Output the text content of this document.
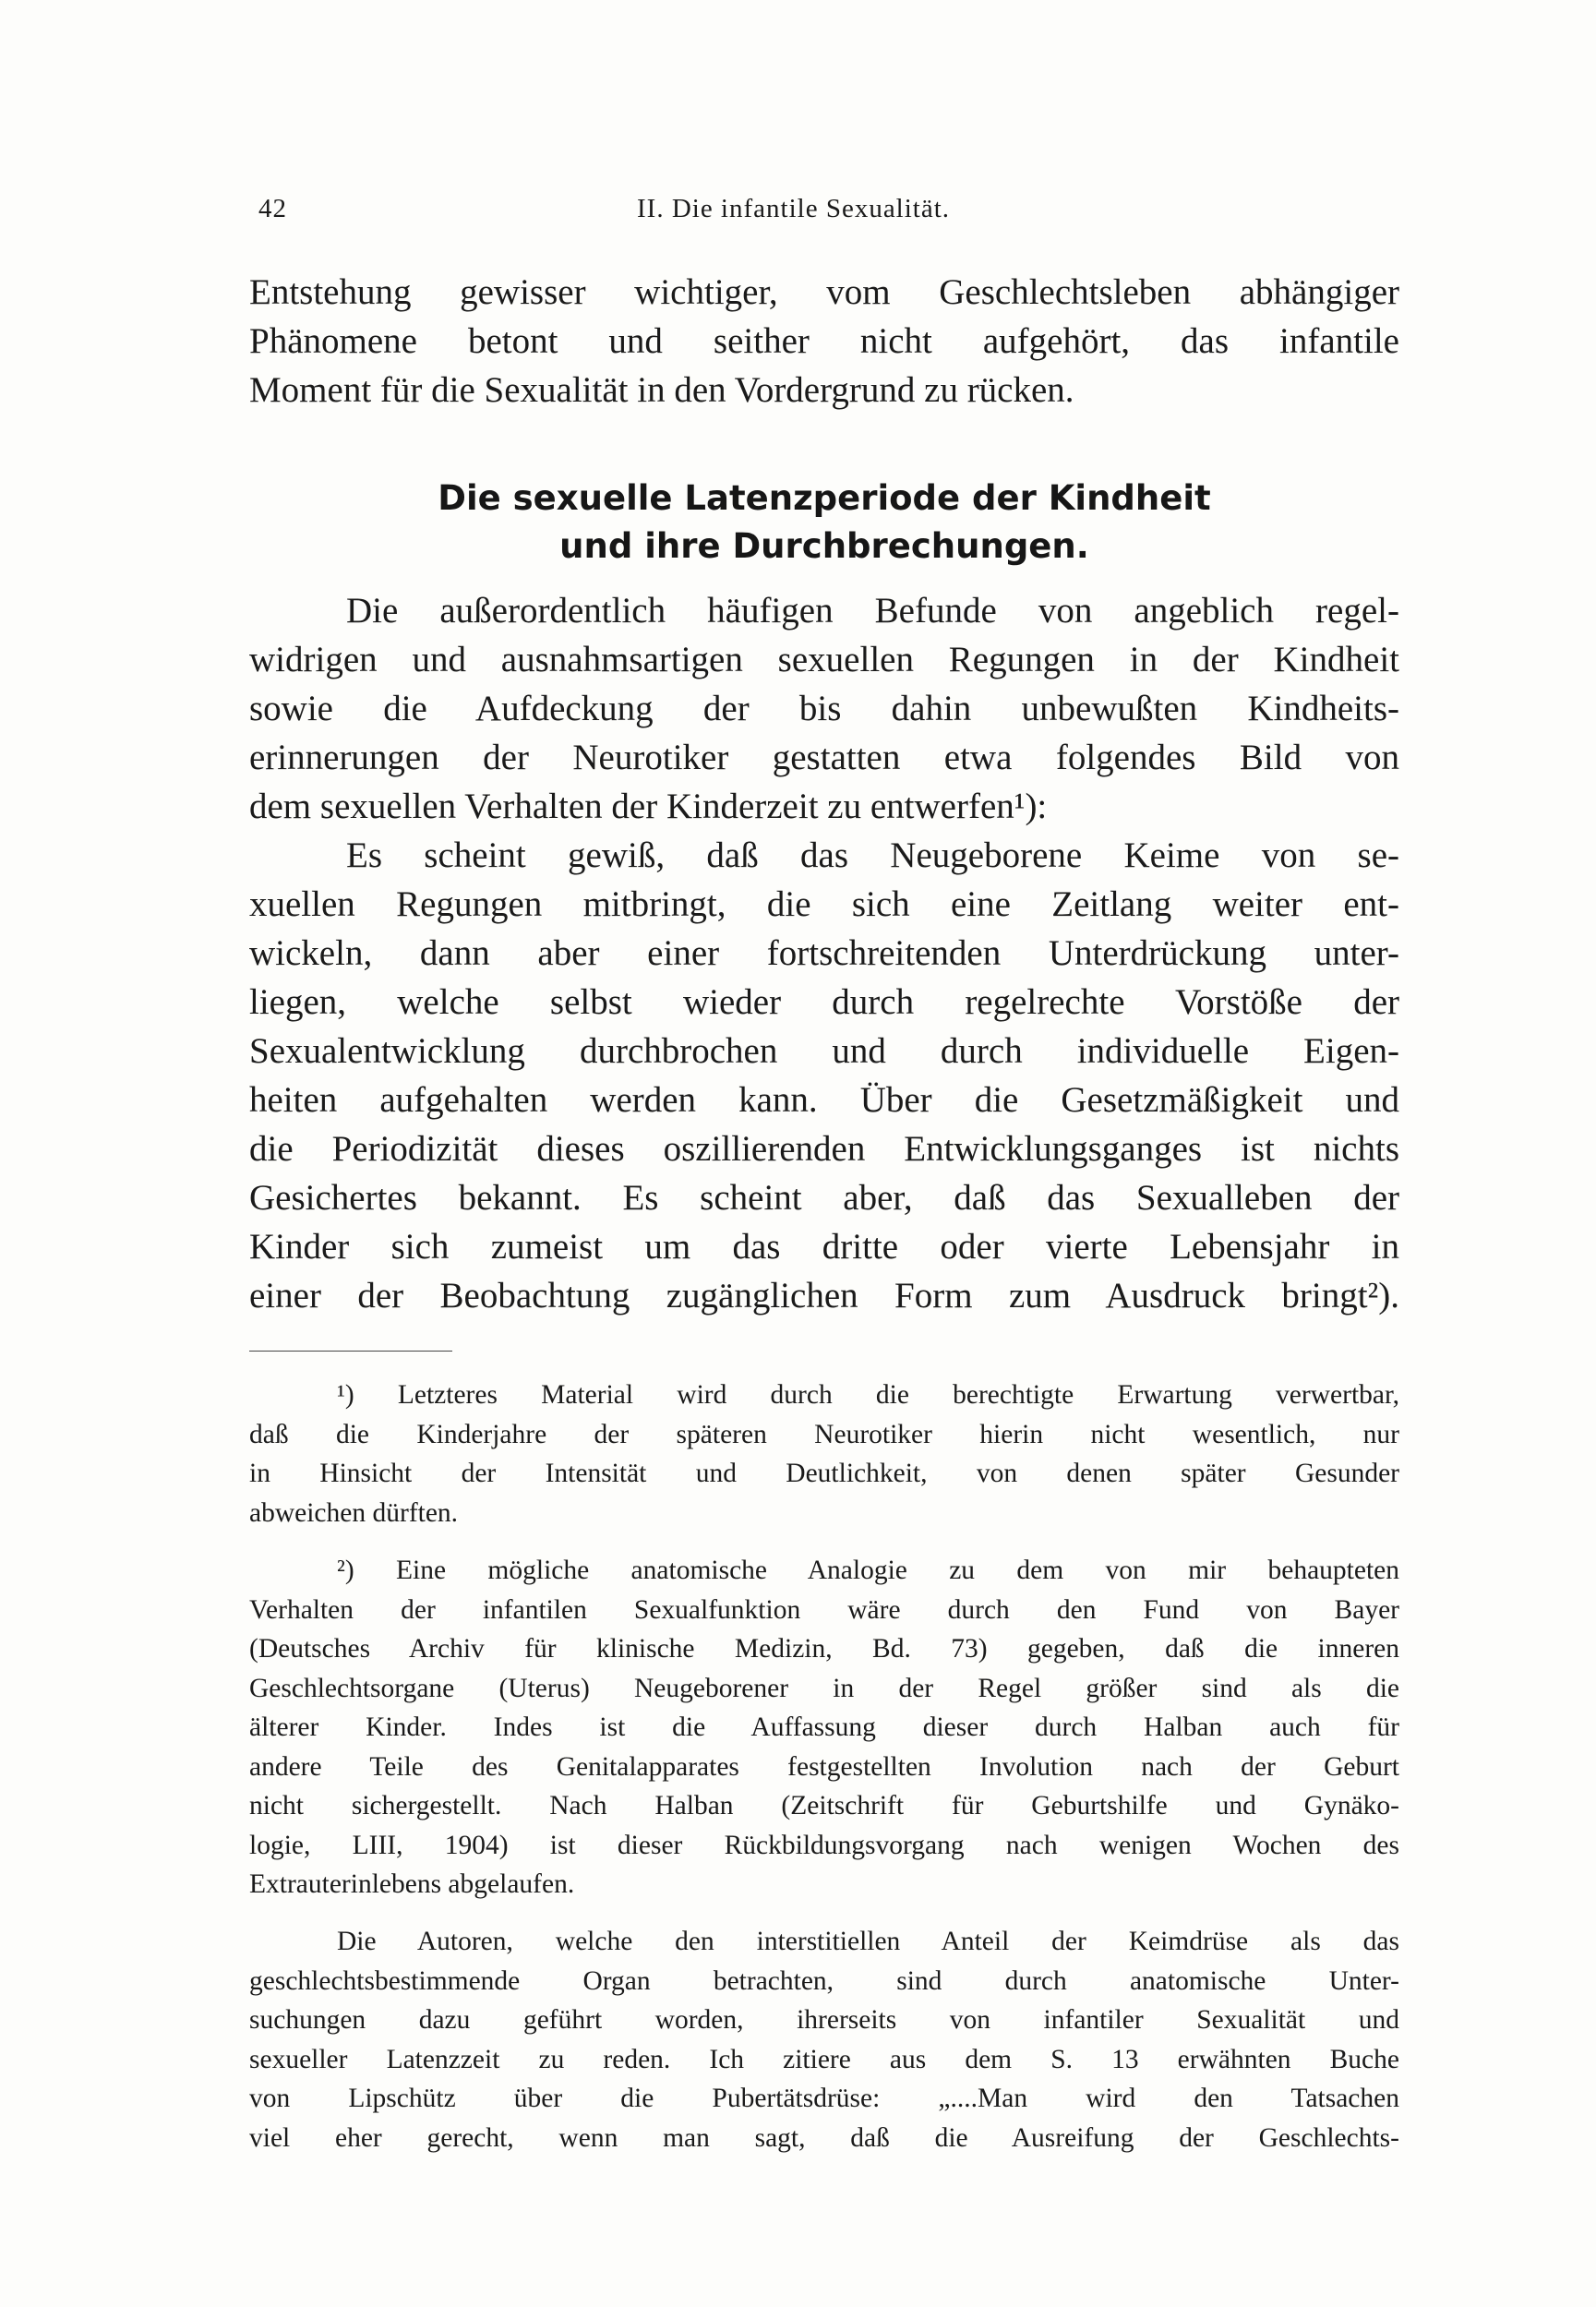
42	II. Die infantile Sexualität.
Entstehung gewisser wichtiger, vom Geschlechtsleben abhängiger
Phänomene betont und seither nicht aufgehört, das infantile
Moment für die Sexualität in den Vordergrund zu rücken.
Die sexuelle Latenzperiode der Kindheit
und ihre Durchbrechungen.
Die außerordentlich häufigen Befunde von angeblich regel-
widrigen und ausnahmsartigen sexuellen Regungen in der Kindheit
sowie die Aufdeckung der bis dahin unbewußten Kindheits-
erinnerungen der Neurotiker gestatten etwa folgendes Bild von
dem sexuellen Verhalten der Kinderzeit zu entwerfen¹):
Es scheint gewiß, daß das Neugeborene Keime von se-
xuellen Regungen mitbringt, die sich eine Zeitlang weiter ent-
wickeln, dann aber einer fortschreitenden Unterdrückung unter-
liegen, welche selbst wieder durch regelrechte Vorstöße der
Sexualentwicklung durchbrochen und durch individuelle Eigen-
heiten aufgehalten werden kann. Über die Gesetzmäßigkeit und
die Periodizität dieses oszillierenden Entwicklungsganges ist nichts
Gesichertes bekannt. Es scheint aber, daß das Sexualleben der
Kinder sich zumeist um das dritte oder vierte Lebensjahr in
einer der Beobachtung zugänglichen Form zum Ausdruck bringt²).
¹) Letzteres Material wird durch die berechtigte Erwartung verwertbar,
daß die Kinderjahre der späteren Neurotiker hierin nicht wesentlich, nur
in Hinsicht der Intensität und Deutlichkeit, von denen später Gesunder
abweichen dürften.
²) Eine mögliche anatomische Analogie zu dem von mir behaupteten
Verhalten der infantilen Sexualfunktion wäre durch den Fund von Bayer
(Deutsches Archiv für klinische Medizin, Bd. 73) gegeben, daß die inneren
Geschlechtsorgane (Uterus) Neugeborener in der Regel größer sind als die
älterer Kinder. Indes ist die Auffassung dieser durch Halban auch für
andere Teile des Genitalapparates festgestellten Involution nach der Geburt
nicht sichergestellt. Nach Halban (Zeitschrift für Geburtshilfe und Gynäko-
logie, LIII, 1904) ist dieser Rückbildungsvorgang nach wenigen Wochen des
Extrauterinlebens abgelaufen.
Die Autoren, welche den interstitiellen Anteil der Keimdrüse als das
geschlechtsbestimmende Organ betrachten, sind durch anatomische Unter-
suchungen dazu geführt worden, ihrerseits von infantiler Sexualität und
sexueller Latenzzeit zu reden. Ich zitiere aus dem S. 13 erwähnten Buche
von Lipschütz über die Pubertätsdrüse: „....Man wird den Tatsachen
viel eher gerecht, wenn man sagt, daß die Ausreifung der Geschlechts-
